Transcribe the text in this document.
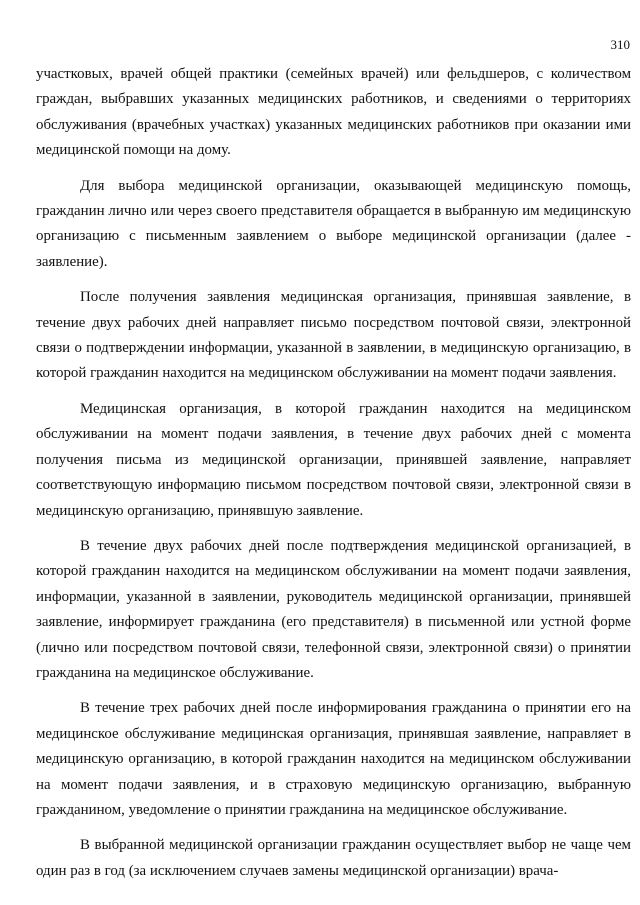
310

участковых, врачей общей практики (семейных врачей) или фельдшеров, с количеством граждан, выбравших указанных медицинских работников, и сведениями о территориях обслуживания (врачебных участках) указанных медицинских работников при оказании ими медицинской помощи на дому.

Для выбора медицинской организации, оказывающей медицинскую помощь, гражданин лично или через своего представителя обращается в выбранную им медицинскую организацию с письменным заявлением о выборе медицинской организации (далее - заявление).

После получения заявления медицинская организация, принявшая заявление, в течение двух рабочих дней направляет письмо посредством почтовой связи, электронной связи о подтверждении информации, указанной в заявлении, в медицинскую организацию, в которой гражданин находится на медицинском обслуживании на момент подачи заявления.

Медицинская организация, в которой гражданин находится на медицинском обслуживании на момент подачи заявления, в течение двух рабочих дней с момента получения письма из медицинской организации, принявшей заявление, направляет соответствующую информацию письмом посредством почтовой связи, электронной связи в медицинскую организацию, принявшую заявление.

В течение двух рабочих дней после подтверждения медицинской организацией, в которой гражданин находится на медицинском обслуживании на момент подачи заявления, информации, указанной в заявлении, руководитель медицинской организации, принявшей заявление, информирует гражданина (его представителя) в письменной или устной форме (лично или посредством почтовой связи, телефонной связи, электронной связи) о принятии гражданина на медицинское обслуживание.

В течение трех рабочих дней после информирования гражданина о принятии его на медицинское обслуживание медицинская организация, принявшая заявление, направляет в медицинскую организацию, в которой гражданин находится на медицинском обслуживании на момент подачи заявления, и в страховую медицинскую организацию, выбранную гражданином, уведомление о принятии гражданина на медицинское обслуживание.

В выбранной медицинской организации гражданин осуществляет выбор не чаще чем один раз в год (за исключением случаев замены медицинской организации) врача-
